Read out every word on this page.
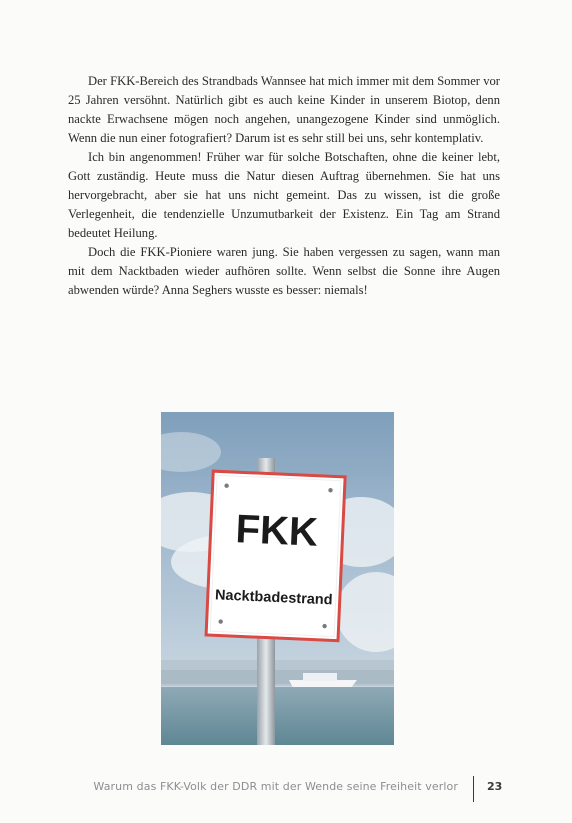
Der FKK-Bereich des Strandbads Wannsee hat mich immer mit dem Sommer vor 25 Jahren versöhnt. Natürlich gibt es auch keine Kinder in unserem Biotop, denn nackte Erwachsene mögen noch angehen, unangezogene Kinder sind unmöglich. Wenn die nun einer fotografiert? Darum ist es sehr still bei uns, sehr kontemplativ.

Ich bin angenommen! Früher war für solche Botschaften, ohne die keiner lebt, Gott zuständig. Heute muss die Natur diesen Auftrag übernehmen. Sie hat uns hervorgebracht, aber sie hat uns nicht gemeint. Das zu wissen, ist die große Verlegenheit, die tendenzielle Unzumutbarkeit der Existenz. Ein Tag am Strand bedeutet Heilung.

Doch die FKK-Pioniere waren jung. Sie haben vergessen zu sagen, wann man mit dem Nacktbaden wieder aufhören sollte. Wenn selbst die Sonne ihre Augen abwenden würde? Anna Seghers wusste es besser: niemals!

FKK
Nacktbadestrand
Warum das FKK-Volk der DDR mit der Wende seine Freiheit verlor	23
